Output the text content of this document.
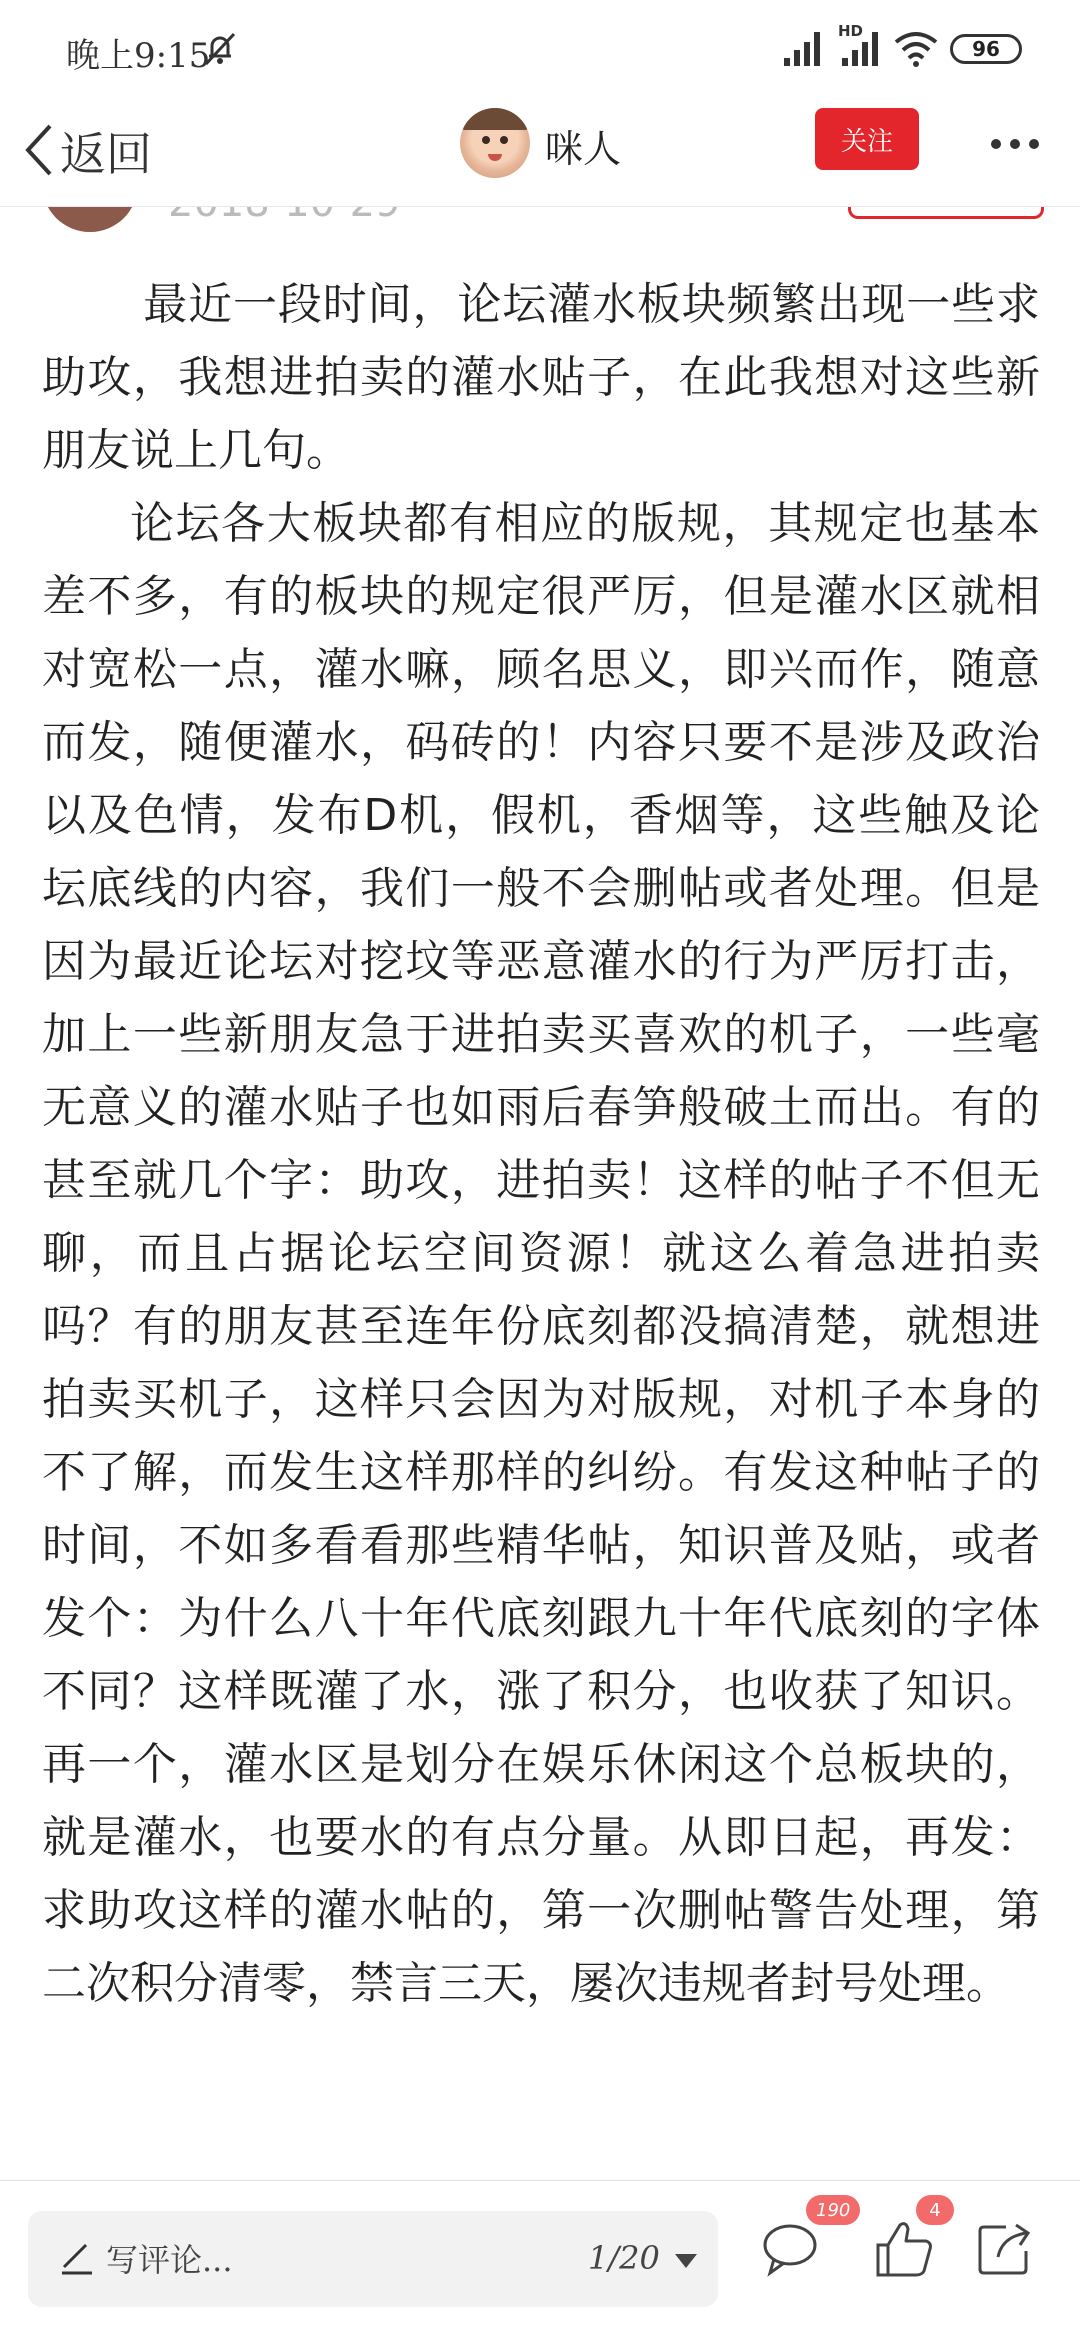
晚上9:15
HD
96
返回	咪人	关注

最近一段时间，论坛灌水板块频繁出现一些求助攻，我想进拍卖的灌水贴子，在此我想对这些新朋友说上几句。

论坛各大板块都有相应的版规，其规定也基本差不多，有的板块的规定很严厉，但是灌水区就相对宽松一点，灌水嘛，顾名思义，即兴而作，随意而发，随便灌水，码砖的！内容只要不是涉及政治以及色情，发布D机，假机，香烟等，这些触及论坛底线的内容，我们一般不会删帖或者处理。但是因为最近论坛对挖坟等恶意灌水的行为严厉打击，加上一些新朋友急于进拍卖买喜欢的机子，一些毫无意义的灌水贴子也如雨后春笋般破土而出。有的甚至就几个字：助攻，进拍卖！这样的帖子不但无聊，而且占据论坛空间资源！就这么着急进拍卖吗？有的朋友甚至连年份底刻都没搞清楚，就想进拍卖买机子，这样只会因为对版规，对机子本身的不了解，而发生这样那样的纠纷。有发这种帖子的时间，不如多看看那些精华帖，知识普及贴，或者发个：为什么八十年代底刻跟九十年代底刻的字体不同？这样既灌了水，涨了积分，也收获了知识。再一个，灌水区是划分在娱乐休闲这个总板块的，就是灌水，也要水的有点分量。从即日起，再发：求助攻这样的灌水帖的，第一次删帖警告处理，第二次积分清零，禁言三天，屡次违规者封号处理。

写评论...	1/20
190	4
